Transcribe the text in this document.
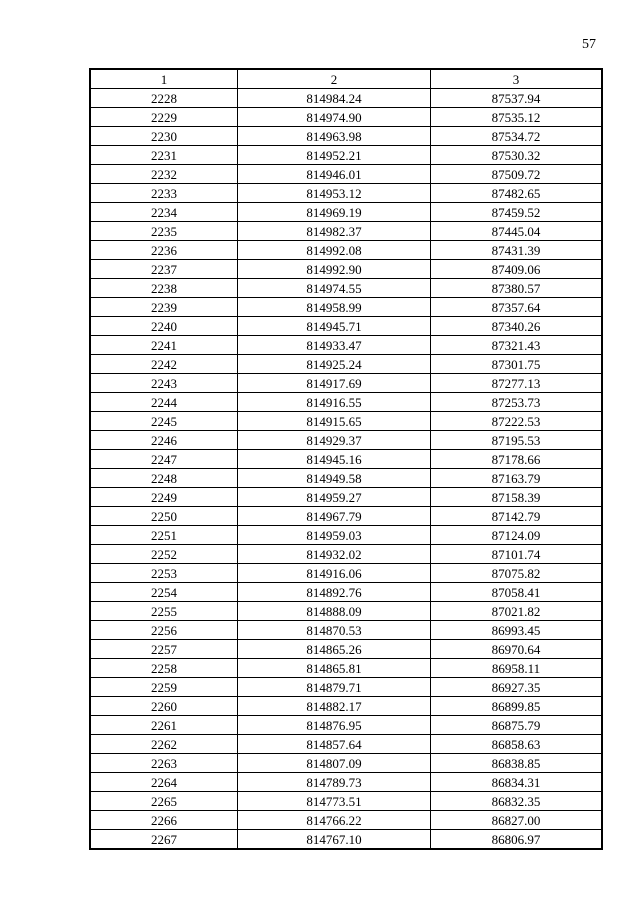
57
1	2	3
2228	814984.24	87537.94
2229	814974.90	87535.12
2230	814963.98	87534.72
2231	814952.21	87530.32
2232	814946.01	87509.72
2233	814953.12	87482.65
2234	814969.19	87459.52
2235	814982.37	87445.04
2236	814992.08	87431.39
2237	814992.90	87409.06
2238	814974.55	87380.57
2239	814958.99	87357.64
2240	814945.71	87340.26
2241	814933.47	87321.43
2242	814925.24	87301.75
2243	814917.69	87277.13
2244	814916.55	87253.73
2245	814915.65	87222.53
2246	814929.37	87195.53
2247	814945.16	87178.66
2248	814949.58	87163.79
2249	814959.27	87158.39
2250	814967.79	87142.79
2251	814959.03	87124.09
2252	814932.02	87101.74
2253	814916.06	87075.82
2254	814892.76	87058.41
2255	814888.09	87021.82
2256	814870.53	86993.45
2257	814865.26	86970.64
2258	814865.81	86958.11
2259	814879.71	86927.35
2260	814882.17	86899.85
2261	814876.95	86875.79
2262	814857.64	86858.63
2263	814807.09	86838.85
2264	814789.73	86834.31
2265	814773.51	86832.35
2266	814766.22	86827.00
2267	814767.10	86806.97
